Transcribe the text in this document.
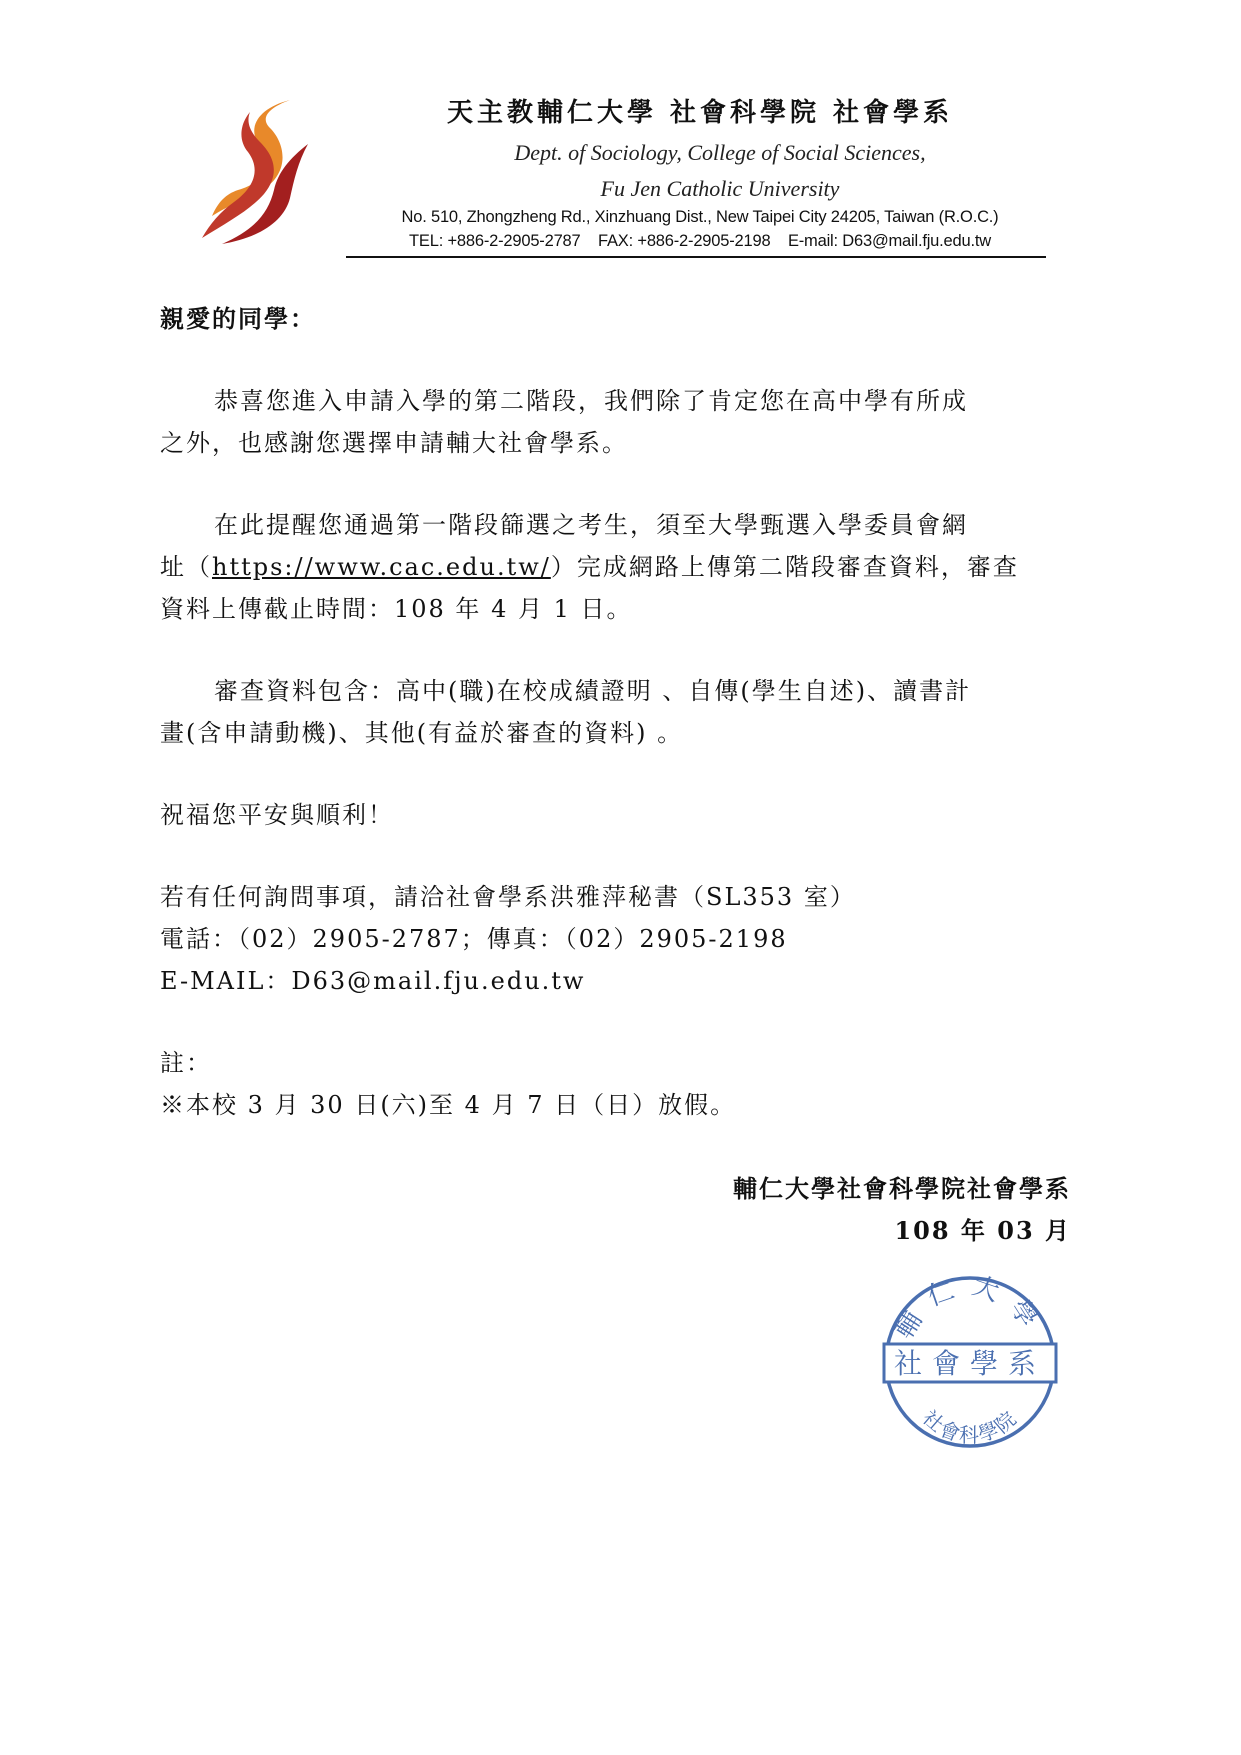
天主教輔仁大學 社會科學院 社會學系
Dept. of Sociology, College of Social Sciences,
Fu Jen Catholic University
No. 510, Zhongzheng Rd., Xinzhuang Dist., New Taipei City 24205, Taiwan (R.O.C.)
TEL: +886-2-2905-2787    FAX: +886-2-2905-2198    E-mail: D63@mail.fju.edu.tw
親愛的同學：
恭喜您進入申請入學的第二階段，我們除了肯定您在高中學有所成
之外，也感謝您選擇申請輔大社會學系。
在此提醒您通過第一階段篩選之考生，須至大學甄選入學委員會網
址（https://www.cac.edu.tw/）完成網路上傳第二階段審查資料，審查
資料上傳截止時間：108 年 4 月 1 日。
審查資料包含：高中(職)在校成績證明 、自傳(學生自述)、讀書計
畫(含申請動機)、其他(有益於審查的資料) 。
祝福您平安與順利！
若有任何詢問事項，請洽社會學系洪雅萍秘書（SL353 室）
電話：（02）2905-2787；傳真：（02）2905-2198
E-MAIL：D63@mail.fju.edu.tw
註：
※本校 3 月 30 日(六)至 4 月 7 日（日）放假。
輔仁大學社會科學院社會學系
108 年 03 月
輔仁大學
社會學系
社會科學院
